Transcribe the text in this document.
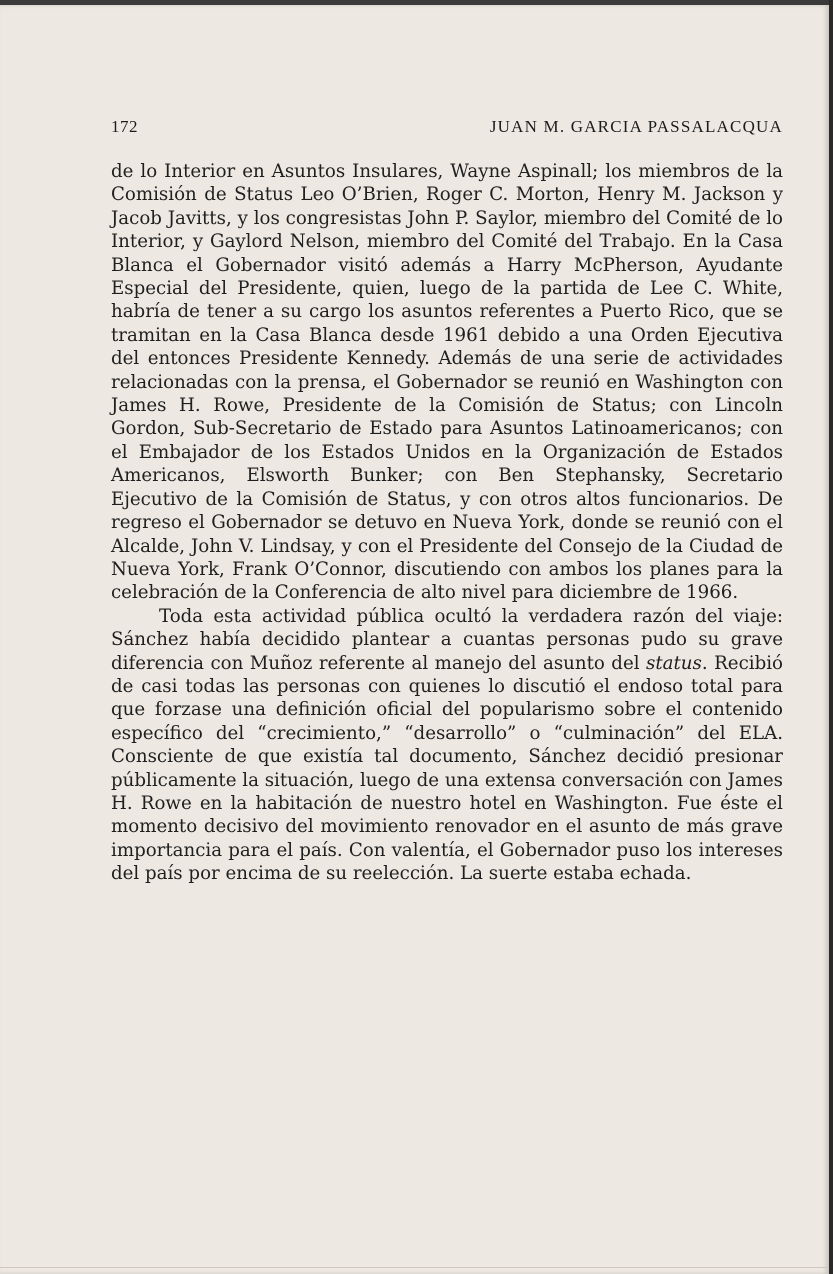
172	JUAN M. GARCIA PASSALACQUA

de lo Interior en Asuntos Insulares, Wayne Aspinall; los miembros de la Comisión de Status Leo O’Brien, Roger C. Morton, Henry M. Jackson y Jacob Javitts, y los congresistas John P. Saylor, miembro del Comité de lo Interior, y Gaylord Nelson, miembro del Comité del Trabajo. En la Casa Blanca el Gobernador visitó además a Harry McPherson, Ayudante Especial del Presidente, quien, luego de la partida de Lee C. White, habría de tener a su cargo los asuntos referentes a Puerto Rico, que se tramitan en la Casa Blanca desde 1961 debido a una Orden Ejecutiva del entonces Presidente Kennedy. Además de una serie de actividades relacionadas con la prensa, el Gobernador se reunió en Washington con James H. Rowe, Presidente de la Comisión de Status; con Lincoln Gordon, Sub-Secretario de Estado para Asuntos Latinoamericanos; con el Embajador de los Estados Unidos en la Organización de Estados Americanos, Elsworth Bunker; con Ben Stephansky, Secretario Ejecutivo de la Comisión de Status, y con otros altos funcionarios. De regreso el Gobernador se detuvo en Nueva York, donde se reunió con el Alcalde, John V. Lindsay, y con el Presidente del Consejo de la Ciudad de Nueva York, Frank O’Connor, discutiendo con ambos los planes para la celebración de la Conferencia de alto nivel para diciembre de 1966.

Toda esta actividad pública ocultó la verdadera razón del viaje: Sánchez había decidido plantear a cuantas personas pudo su grave diferencia con Muñoz referente al manejo del asunto del status. Recibió de casi todas las personas con quienes lo discutió el endoso total para que forzase una definición oficial del popularismo sobre el contenido específico del “crecimiento,” “desarrollo” o “culminación” del ELA. Consciente de que existía tal documento, Sánchez decidió presionar públicamente la situación, luego de una extensa conversación con James H. Rowe en la habitación de nuestro hotel en Washington. Fue éste el momento decisivo del movimiento renovador en el asunto de más grave importancia para el país. Con valentía, el Gobernador puso los intereses del país por encima de su reelección. La suerte estaba echada.
